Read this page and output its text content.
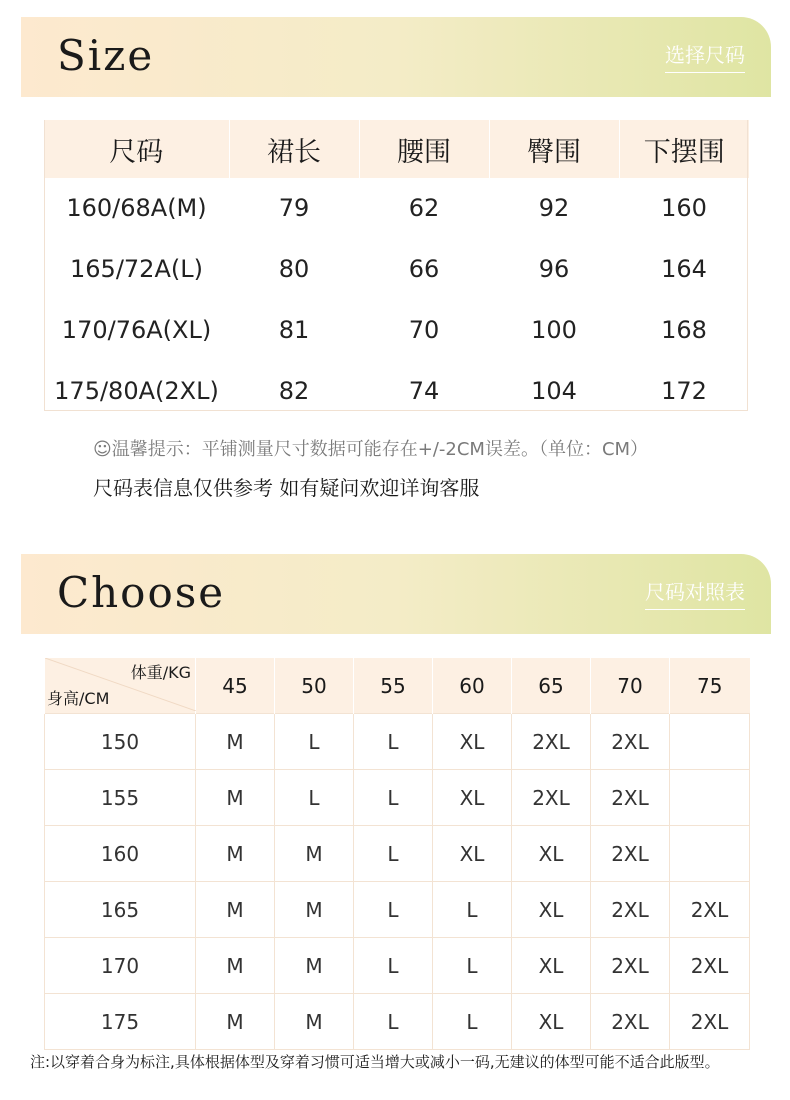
Size	选择尺码
尺码	裙长	腰围	臀围	下摆围
160/68A(M)	79	62	92	160
165/72A(L)	80	66	96	164
170/76A(XL)	81	70	100	168
175/80A(2XL)	82	74	104	172
☺温馨提示：平铺测量尺寸数据可能存在+/-2CM误差。（单位：CM）
尺码表信息仅供参考 如有疑问欢迎详询客服
Choose	尺码对照表
体重/KG
身高/CM	45	50	55	60	65	70	75
150	M	L	L	XL	2XL	2XL	
155	M	L	L	XL	2XL	2XL	
160	M	M	L	XL	XL	2XL	
165	M	M	L	L	XL	2XL	2XL
170	M	M	L	L	XL	2XL	2XL
175	M	M	L	L	XL	2XL	2XL
注:以穿着合身为标注,具体根据体型及穿着习惯可适当增大或减小一码,无建议的体型可能不适合此版型。
